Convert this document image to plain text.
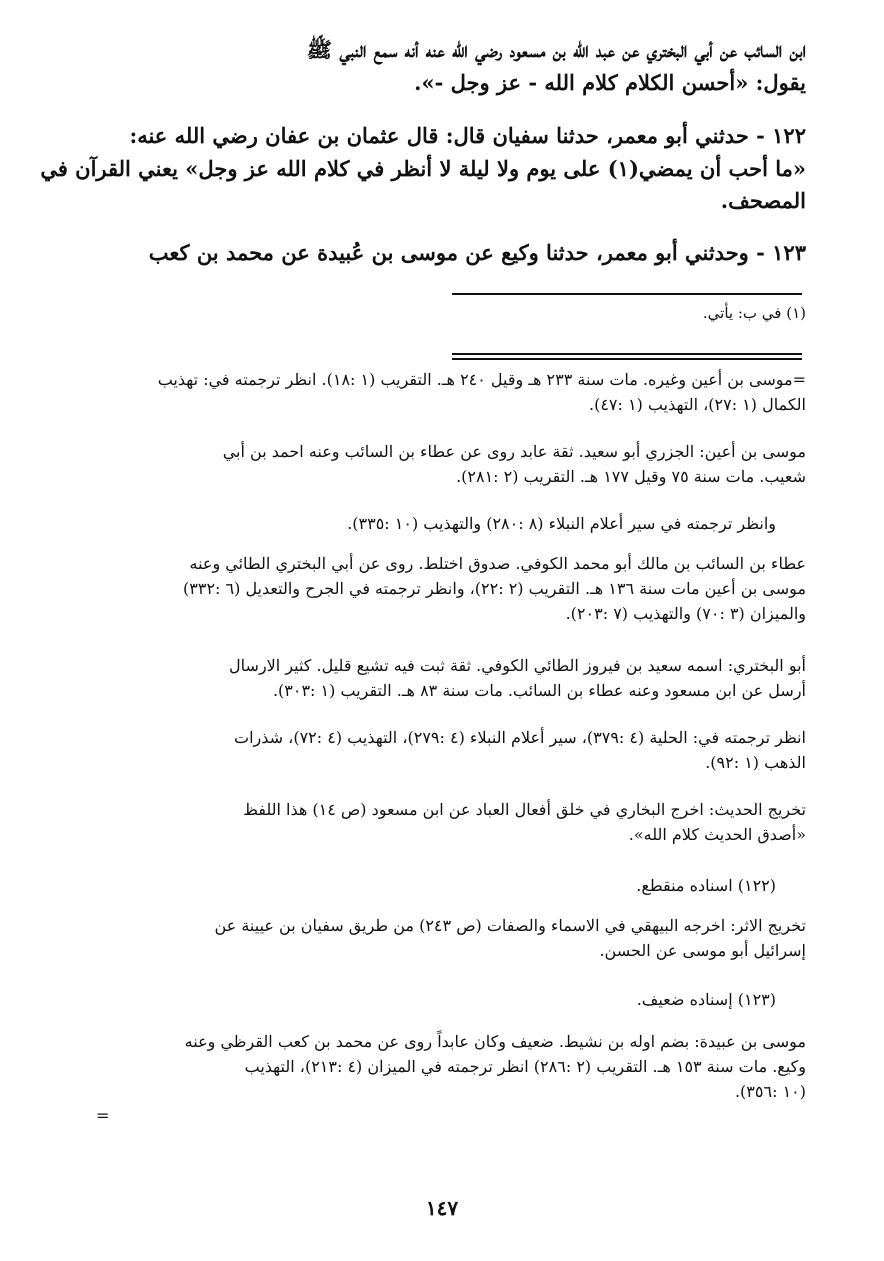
ابن السائب عن أبي البختري عن عبد الله بن مسعود رضي الله عنه أنه سمع النبي ﷺ
يقول: «أحسن الكلام كلام الله - عز وجل -».
١٢٢ - حدثني أبو معمر، حدثنا سفيان قال: قال عثمان بن عفان رضي الله عنه:
«ما أحب أن يمضي(١) على يوم ولا ليلة لا أنظر في كلام الله عز وجل» يعني القرآن في
المصحف.
١٢٣ - وحدثني أبو معمر، حدثنا وكيع عن موسى بن عُبيدة عن محمد بن كعب
(١) في ب: يأتي.
=موسى بن أعين وغيره. مات سنة ٢٣٣ هـ وقيل ٢٤٠ هـ. التقريب (١ :١٨). انظر ترجمته في: تهذيب
الكمال (١ :٢٧)، التهذيب (١ :٤٧).
موسى بن أعين: الجزري أبو سعيد. ثقة عابد روى عن عطاء بن السائب وعنه احمد بن أبي
شعيب. مات سنة ٧٥ وقيل ١٧٧ هـ. التقريب (٢ :٢٨١).
وانظر ترجمته في سير أعلام النبلاء (٨ :٢٨٠) والتهذيب (١٠ :٣٣٥).
عطاء بن السائب بن مالك أبو محمد الكوفي. صدوق اختلط. روى عن أبي البختري الطائي وعنه
موسى بن أعين مات سنة ١٣٦ هـ. التقريب (٢ :٢٢)، وانظر ترجمته في الجرح والتعديل (٦ :٣٣٢)
والميزان (٣ :٧٠) والتهذيب (٧ :٢٠٣).
أبو البختري: اسمه سعيد بن فيروز الطائي الكوفي. ثقة ثبت فيه تشيع قليل. كثير الارسال
أرسل عن ابن مسعود وعنه عطاء بن السائب. مات سنة ٨٣ هـ. التقريب (١ :٣٠٣).
انظر ترجمته في: الحلية (٤ :٣٧٩)، سير أعلام النبلاء (٤ :٢٧٩)، التهذيب (٤ :٧٢)، شذرات
الذهب (١ :٩٢).
تخريج الحديث: اخرج البخاري في خلق أفعال العباد عن ابن مسعود (ص ١٤) هذا اللفظ
«أصدق الحديث كلام الله».
(١٢٢) اسناده منقطع.
تخريج الاثر: اخرجه البيهقي في الاسماء والصفات (ص ٢٤٣) من طريق سفيان بن عيينة عن
إسرائيل أبو موسى عن الحسن.
(١٢٣) إسناده ضعيف.
موسى بن عبيدة: بضم اوله بن نشيط. ضعيف وكان عابداً روى عن محمد بن كعب القرظي وعنه
وكيع. مات سنة ١٥٣ هـ. التقريب (٢ :٢٨٦) انظر ترجمته في الميزان (٤ :٢١٣)، التهذيب
(١٠ :٣٥٦).
=
١٤٧
